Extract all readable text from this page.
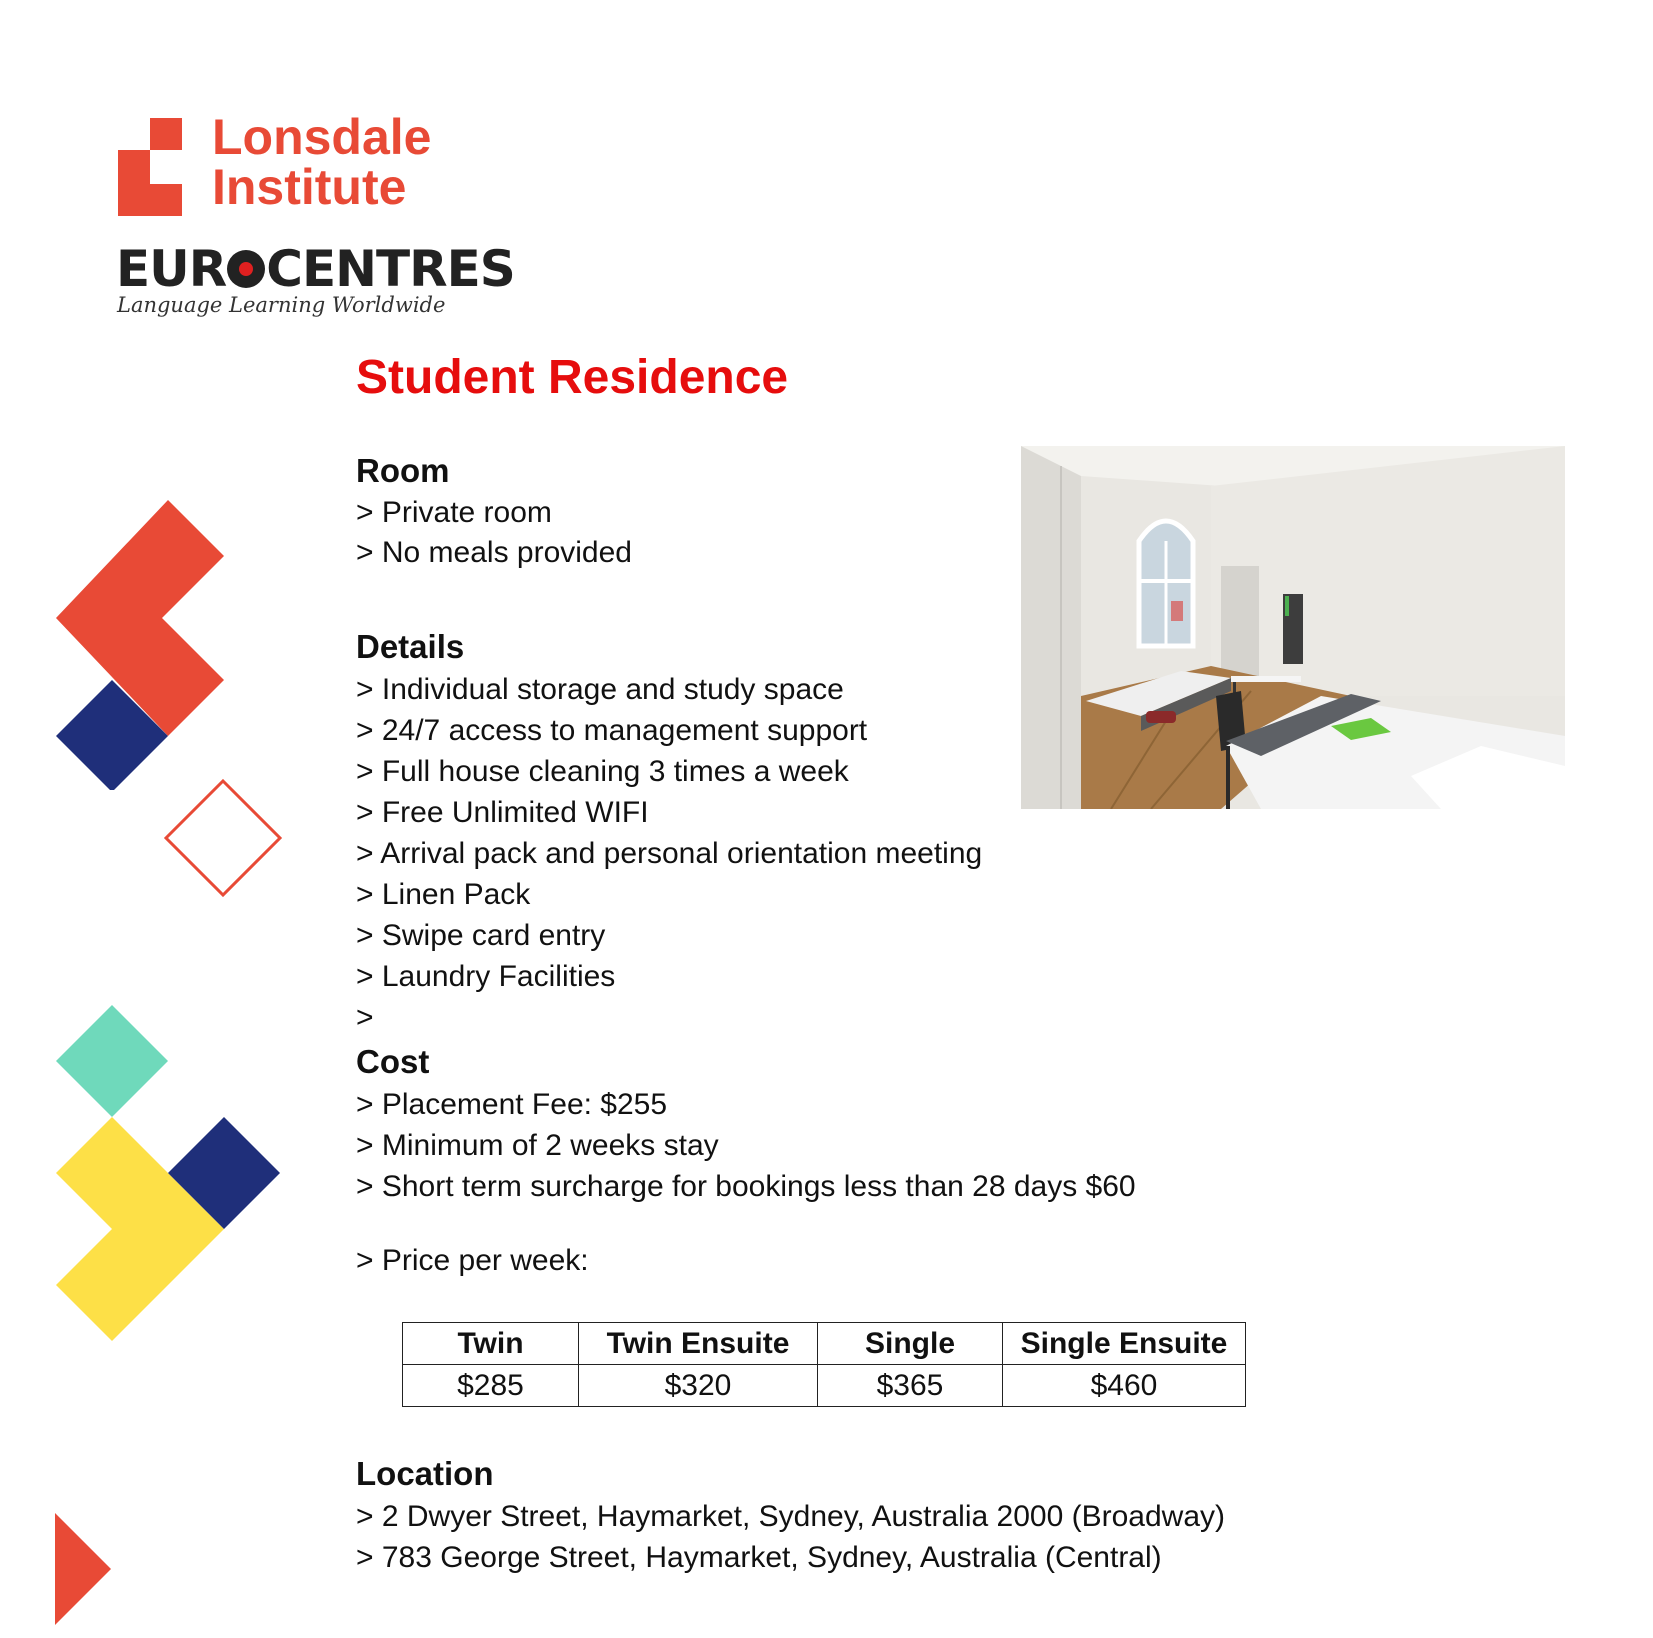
Lonsdale
Institute
EUR CENTRES
Language Learning Worldwide
Student Residence
Room
> Private room
> No meals provided
Details
> Individual storage and study space
> 24/7 access to management support
> Full house cleaning 3 times a week
> Free Unlimited WIFI
> Arrival pack and personal orientation meeting
> Linen Pack
> Swipe card entry
> Laundry Facilities
>
Cost
> Placement Fee: $255
> Minimum of 2 weeks stay
> Short term surcharge for bookings less than 28 days $60
> Price per week:
Twin	Twin Ensuite	Single	Single Ensuite
$285	$320	$365	$460
Location
> 2 Dwyer Street, Haymarket, Sydney, Australia 2000 (Broadway)
> 783 George Street, Haymarket, Sydney, Australia (Central)
